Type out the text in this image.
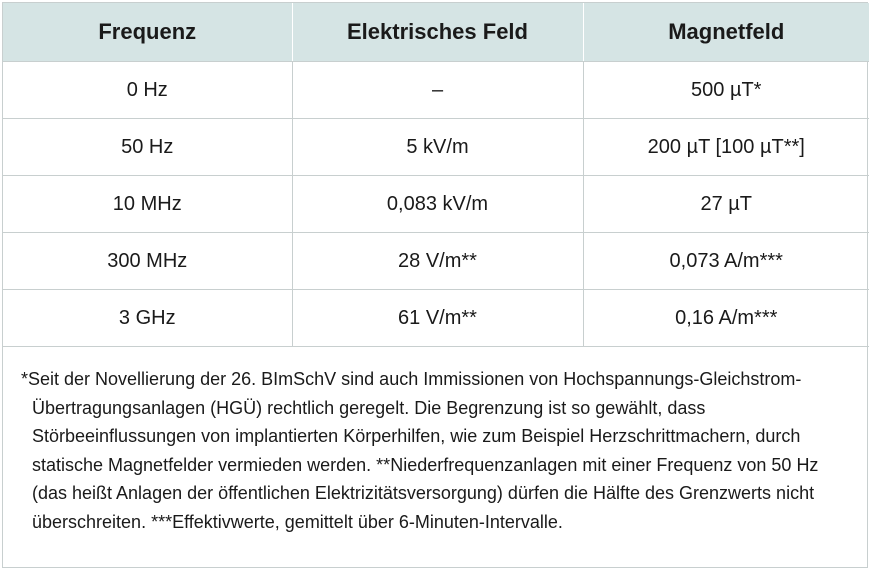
Frequenz	Elektrisches Feld	Magnetfeld
0 Hz	–	500 µT*
50 Hz	5 kV/m	200 µT [100 µT**]
10 MHz	0,083 kV/m	27 µT
300 MHz	28 V/m**	0,073 A/m***
3 GHz	61 V/m**	0,16 A/m***

*Seit der Novellierung der 26. BImSchV sind auch Immissionen von Hochspannungs-Gleichstrom-Übertragungsanlagen (HGÜ) rechtlich geregelt. Die Begrenzung ist so gewählt, dass Störbeeinflussungen von implantierten Körperhilfen, wie zum Beispiel Herzschrittmachern, durch statische Magnetfelder vermieden werden. **Niederfrequenzanlagen mit einer Frequenz von 50 Hz (das heißt Anlagen der öffentlichen Elektrizitätsversorgung) dürfen die Hälfte des Grenzwerts nicht überschreiten. ***Effektivwerte, gemittelt über 6-Minuten-Intervalle.
